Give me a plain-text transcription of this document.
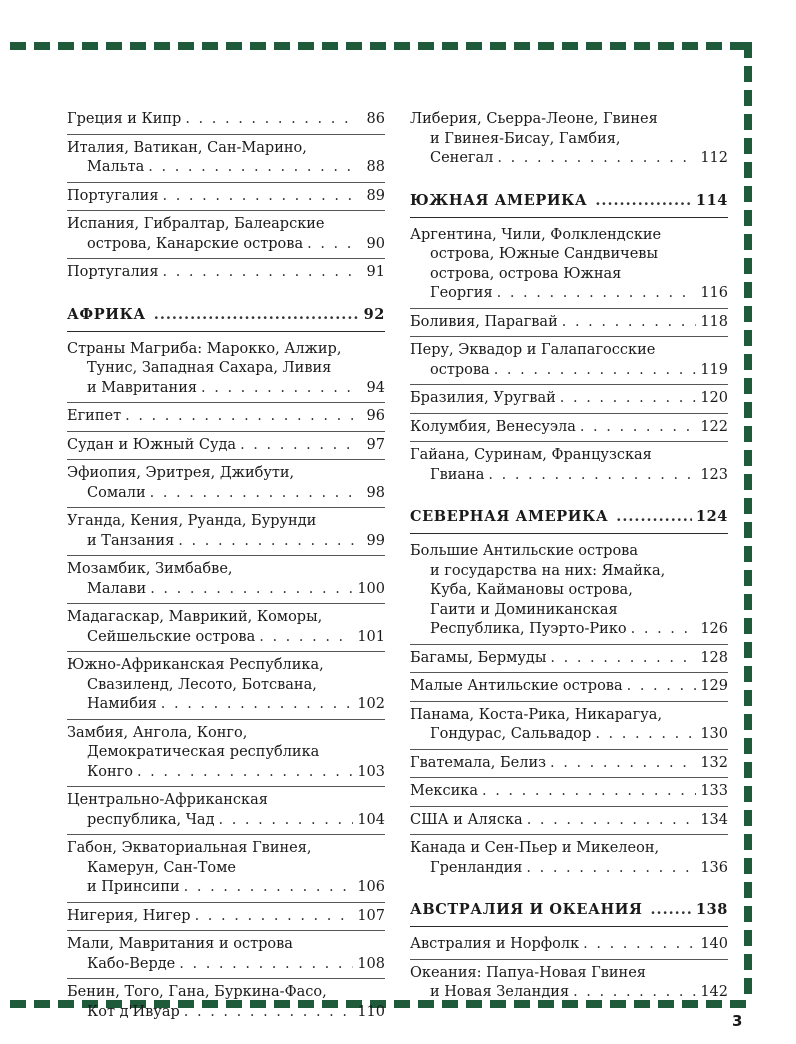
Греция и Кипр . . .	86
Италия, Ватикан, Сан-Марино,
Мальта . . .	88
Португалия . . .	89
Испания, Гибралтар, Балеарские
острова, Канарские острова . . .	90
Португалия . . .	91
АФРИКА .....	92
Страны Магриба: Марокко, Алжир,
Тунис, Западная Сахара, Ливия
и Мавритания . . .	94
Египет . . .	96
Судан и Южный Суда . . .	97
Эфиопия, Эритрея, Джибути,
Сомали . . .	98
Уганда, Кения, Руанда, Бурунди
и Танзания . . .	99
Мозамбик, Зимбабве,
Малави . . .	100
Мадагаскар, Маврикий, Коморы,
Сейшельские острова . . .	101
Южно-Африканская Республика,
Свазиленд, Лесото, Ботсвана,
Намибия . . .	102
Замбия, Ангола, Конго,
Демократическая республика
Конго . . .	103
Центрально-Африканская
республика, Чад . . .	104
Габон, Экваториальная Гвинея,
Камерун, Сан-Томе
и Принсипи . . .	106
Нигерия, Нигер . . .	107
Мали, Мавритания и острова
Кабо-Верде . . .	108
Бенин, Того, Гана, Буркина-Фасо,
Кот д'Ивуар . . .	110
Либерия, Сьерра-Леоне, Гвинея
и Гвинея-Бисау, Гамбия,
Сенегал . . .	112
ЮЖНАЯ АМЕРИКА .....	114
Аргентина, Чили, Фолклендские
острова, Южные Сандвичевы
острова, острова Южная
Георгия . . .	116
Боливия, Парагвай . . .	118
Перу, Эквадор и Галапагосские
острова . . .	119
Бразилия, Уругвай . . .	120
Колумбия, Венесуэла . . .	122
Гайана, Суринам, Французская
Гвиана . . .	123
СЕВЕРНАЯ АМЕРИКА .....	124
Большие Антильские острова
и государства на них: Ямайка,
Куба, Каймановы острова,
Гаити и Доминиканская
Республика, Пуэрто-Рико . . .	126
Багамы, Бермуды . . .	128
Малые Антильские острова . . .	129
Панама, Коста-Рика, Никарагуа,
Гондурас, Сальвадор . . .	130
Гватемала, Белиз . . .	132
Мексика . . .	133
США и Аляска . . .	134
Канада и Сен-Пьер и Микелеон,
Гренландия . . .	136
АВСТРАЛИЯ И ОКЕАНИЯ .....	138
Австралия и Норфолк . . .	140
Океания: Папуа-Новая Гвинея
и Новая Зеландия . . .	142
3
